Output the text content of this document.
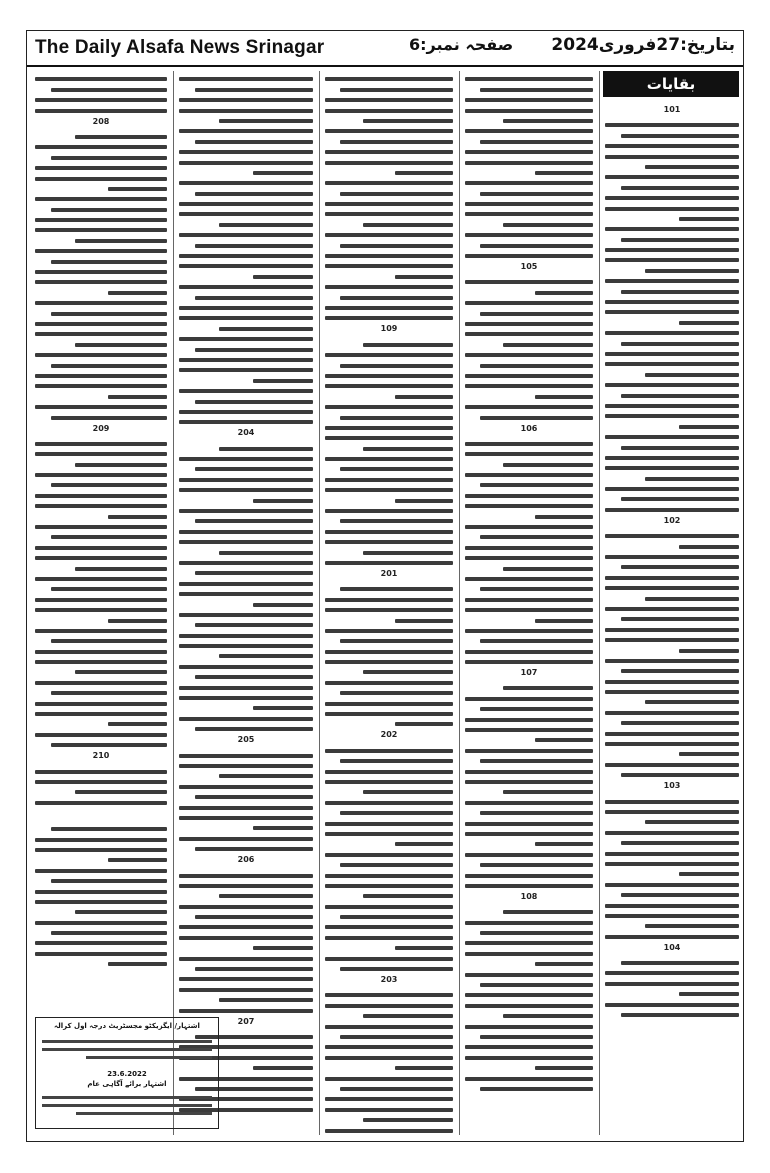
The Daily Alsafa News Srinagar	صفحہ نمبر:6 بتاریخ:27فروری2024
بقایات
101
102
103
104
105
106
107
108
109
201
202
203
204
205
206
207
208
209
210
اشتہار/ ایگزیکٹو مجسٹریٹ درجہ اول کرالہ
23.6.2022
اشتہار برائے آگاہی عام
